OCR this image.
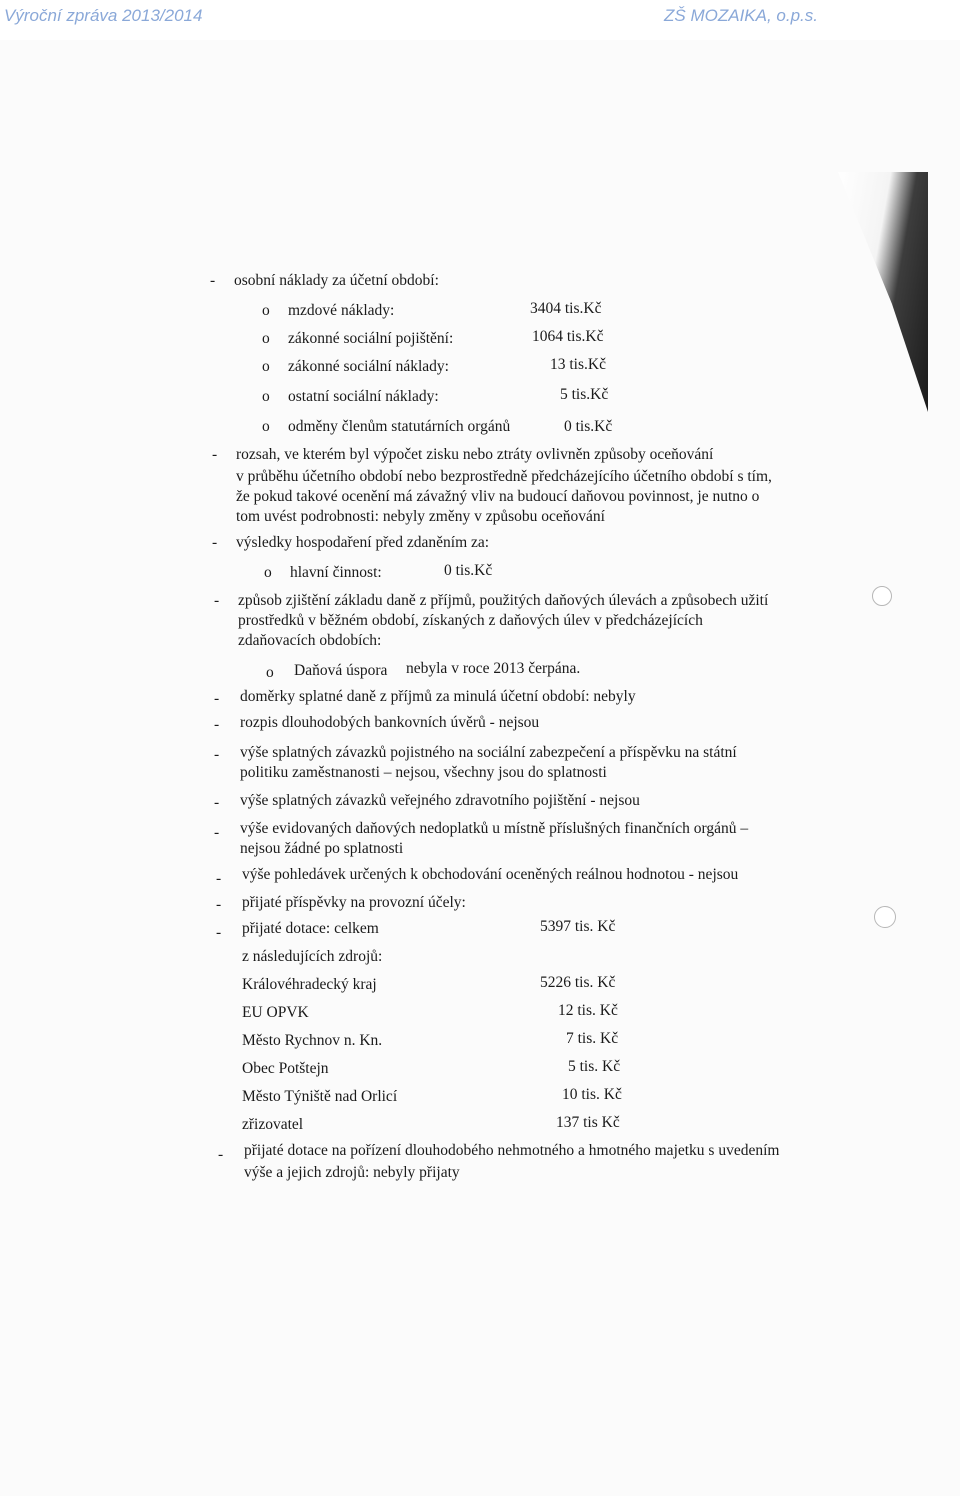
Výroční zpráva 2013/2014	ZŠ MOZAIKA, o.p.s.
- osobní náklady za účetní období:
o mzdové náklady:	3404 tis.Kč
o zákonné sociální pojištění:	1064 tis.Kč
o zákonné sociální náklady:	13 tis.Kč
o ostatní sociální náklady:	5 tis.Kč
o odměny členům statutárních orgánů	0 tis.Kč
- rozsah, ve kterém byl výpočet zisku nebo ztráty ovlivněn způsoby oceňování
v průběhu účetního období nebo bezprostředně předcházejícího účetního období s tím,
že pokud takové ocenění má závažný vliv na budoucí daňovou povinnost, je nutno o
tom uvést podrobnosti: nebyly změny v způsobu oceňování
- výsledky hospodaření před zdaněním za:
o hlavní činnost:	0 tis.Kč
- způsob zjištění základu daně z příjmů, použitých daňových úlevách a způsobech užití
prostředků v běžném období, získaných z daňových úlev v předcházejících
zdaňovacích obdobích:
o Daňová úspora nebyla v roce 2013 čerpána.
- doměrky splatné daně z příjmů za minulá účetní období: nebyly
- rozpis dlouhodobých bankovních úvěrů - nejsou
- výše splatných závazků pojistného na sociální zabezpečení a příspěvku na státní
politiku zaměstnanosti – nejsou, všechny jsou do splatnosti
- výše splatných závazků veřejného zdravotního pojištění - nejsou
- výše evidovaných daňových nedoplatků u místně příslušných finančních orgánů –
nejsou žádné po splatnosti
- výše pohledávek určených k obchodování oceněných reálnou hodnotou - nejsou
- přijaté příspěvky na provozní účely:
- přijaté dotace: celkem	5397 tis. Kč
z následujících zdrojů:
Královéhradecký kraj	5226 tis. Kč
EU OPVK	12 tis. Kč
Město Rychnov n. Kn.	7 tis. Kč
Obec Potštejn	5 tis. Kč
Město Týniště nad Orlicí	10 tis. Kč
zřizovatel	137 tis Kč
- přijaté dotace na pořízení dlouhodobého nehmotného a hmotného majetku s uvedením
výše a jejich zdrojů: nebyly přijaty
